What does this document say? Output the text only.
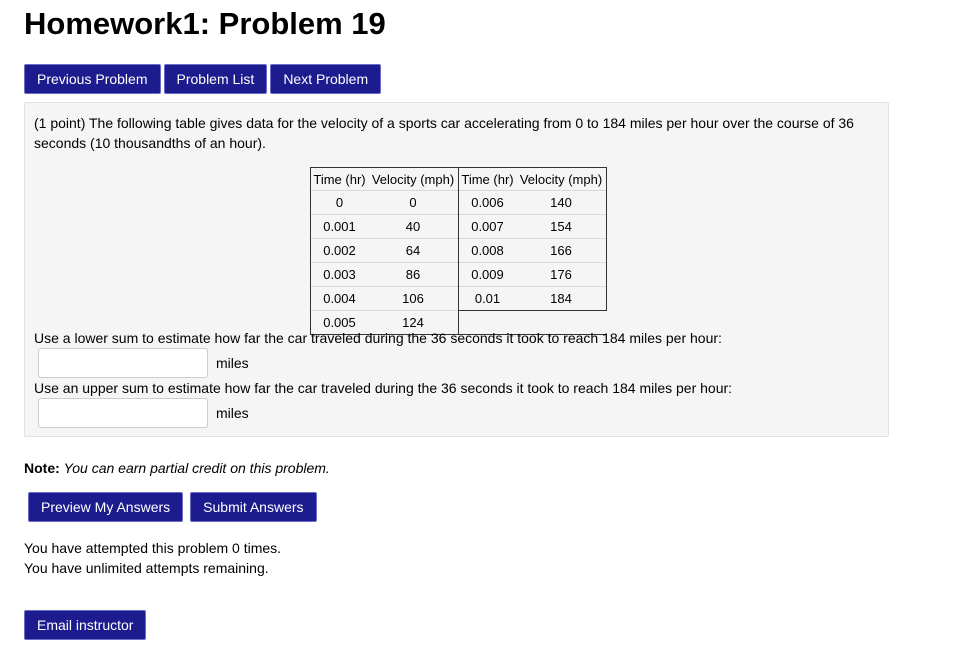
Homework1: Problem 19
Previous Problem	Problem List	Next Problem

(1 point) The following table gives data for the velocity of a sports car accelerating from 0 to 184 miles per hour over the course of 36
seconds (10 thousandths of an hour).

Time (hr)	Velocity (mph)	Time (hr)	Velocity (mph)
0	0	0.006	140
0.001	40	0.007	154
0.002	64	0.008	166
0.003	86	0.009	176
0.004	106	0.01	184
0.005	124		
Use a lower sum to estimate how far the car traveled during the 36 seconds it took to reach 184 miles per hour:
miles
Use an upper sum to estimate how far the car traveled during the 36 seconds it took to reach 184 miles per hour:
miles
Note: You can earn partial credit on this problem.
Preview My Answers	Submit Answers
You have attempted this problem 0 times.
You have unlimited attempts remaining.
Email instructor
